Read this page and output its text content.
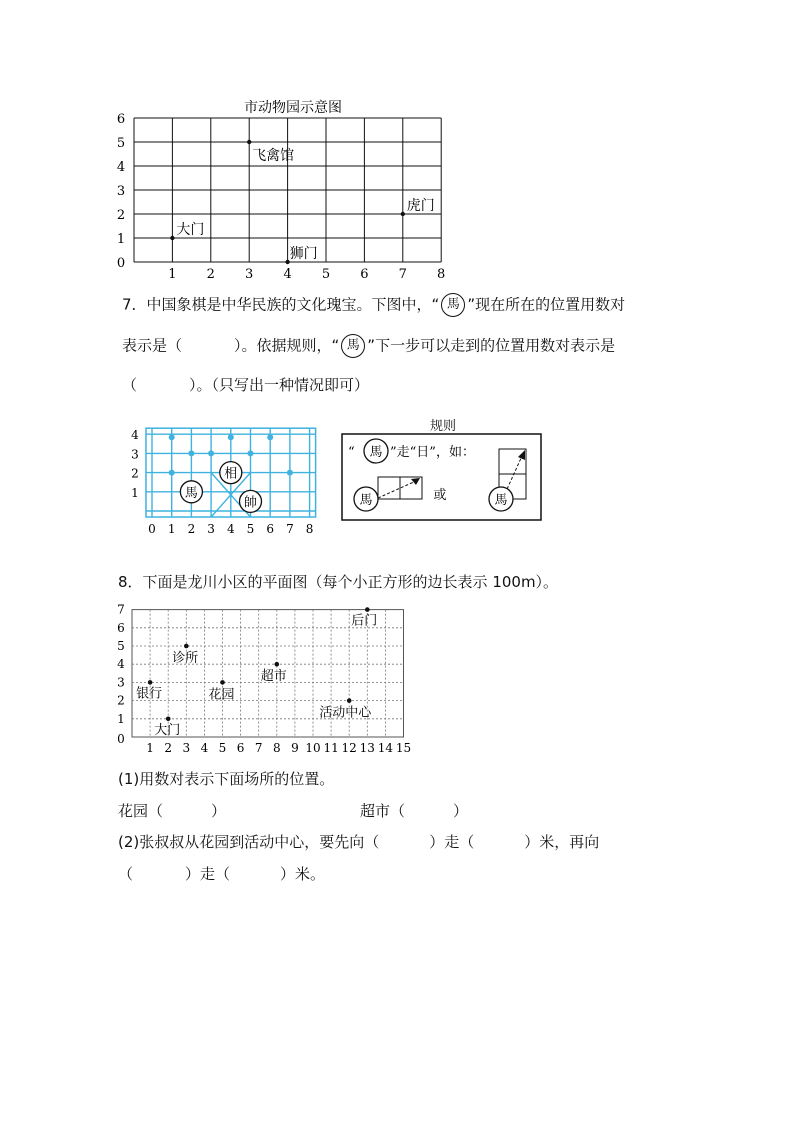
市动物园示意图
1 2 3 4 5 6 7 8
0
1
2
3
4
5
6
大门
飞禽馆
狮门
虎门
7．中国象棋是中华民族的文化瑰宝。下图中，“ 馬 ”现在所在的位置用数对
表示是（	）。依据规则，“ 馬 ”下一步可以走到的位置用数对表示是
（	）。（只写出一种情况即可）
0 1 2 3 4 5 6 7 8
1
2
3
4
馬
相
帥
规则
“ 馬 ”走“日”，如：
馬	或	馬
8．下面是龙川小区的平面图（每个小正方形的边长表示 100m）。
1 2 3 4 5 6 7 8 9 10 11 12 13 14 15
0
1
2
3
4
5
6
7
银行
大门
诊所
花园
超市
活动中心
后门
(1)用数对表示下面场所的位置。
花园（	）	超市（	）
(2)张叔叔从花园到活动中心，要先向（	）走（	）米，再向
（	）走（	）米。
